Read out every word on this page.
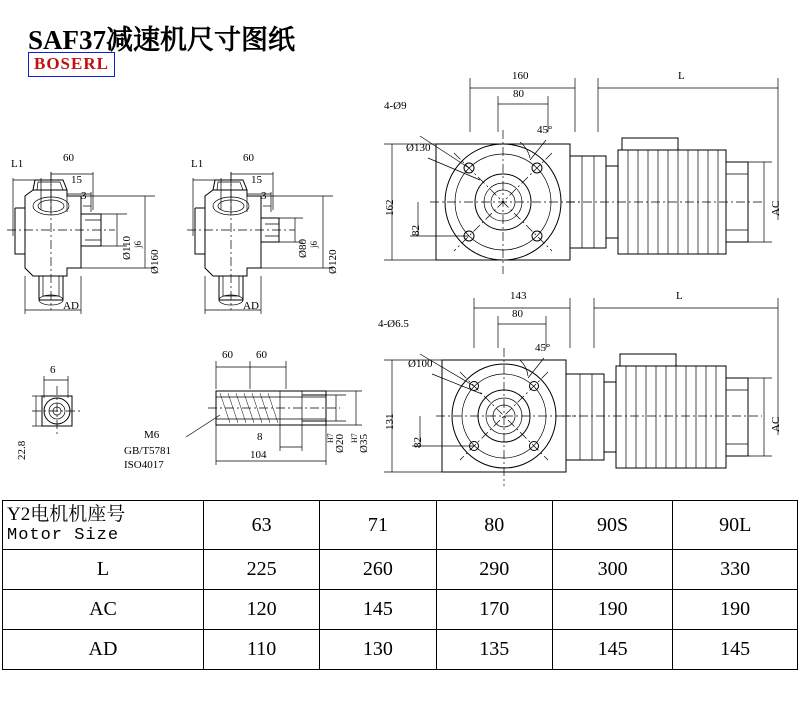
SAF37减速机尺寸图纸
BOSERL
L1	60
15
3
Ø110 j6
Ø160
AD
L1	60
15
3
Ø80 j6
Ø120
AD
6
22.8
60 60
M6
GB/T5781
ISO4017
8
104
Ø20
H7 Ø35
H7
160
80
L
4-Ø9
45°
Ø130
162
82
AC
143
80
L
4-Ø6.5
45°
Ø100
131
82
AC
Y2电机机座号
Motor Size	63	71	80	90S	90L
L	225	260	290	300	330
AC	120	145	170	190	190
AD	110	130	135	145	145
